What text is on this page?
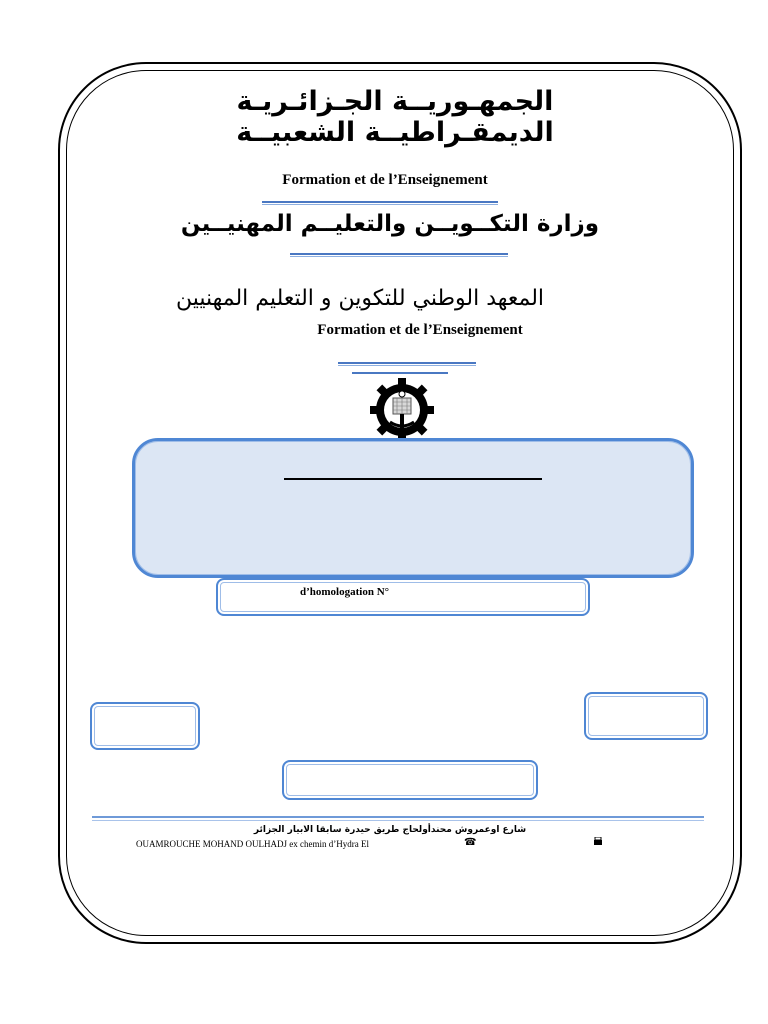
الجمهـوريــة الجـزائـريـة الديمقـراطيــة الشعبيــة
Formation et de l’Enseignement
وزارة التكــويــن والتعليــم المهنيــين
المعهد الوطني للتكوين و التعليم المهنيين
Formation et de l’Enseignement
d’homologation N°
شارع اوعمروش محندأولحاج طريق حيدرة سابقا الابيار الجزائر
OUAMROUCHE MOHAND OULHADJ ex chemin d’Hydra El	☎
